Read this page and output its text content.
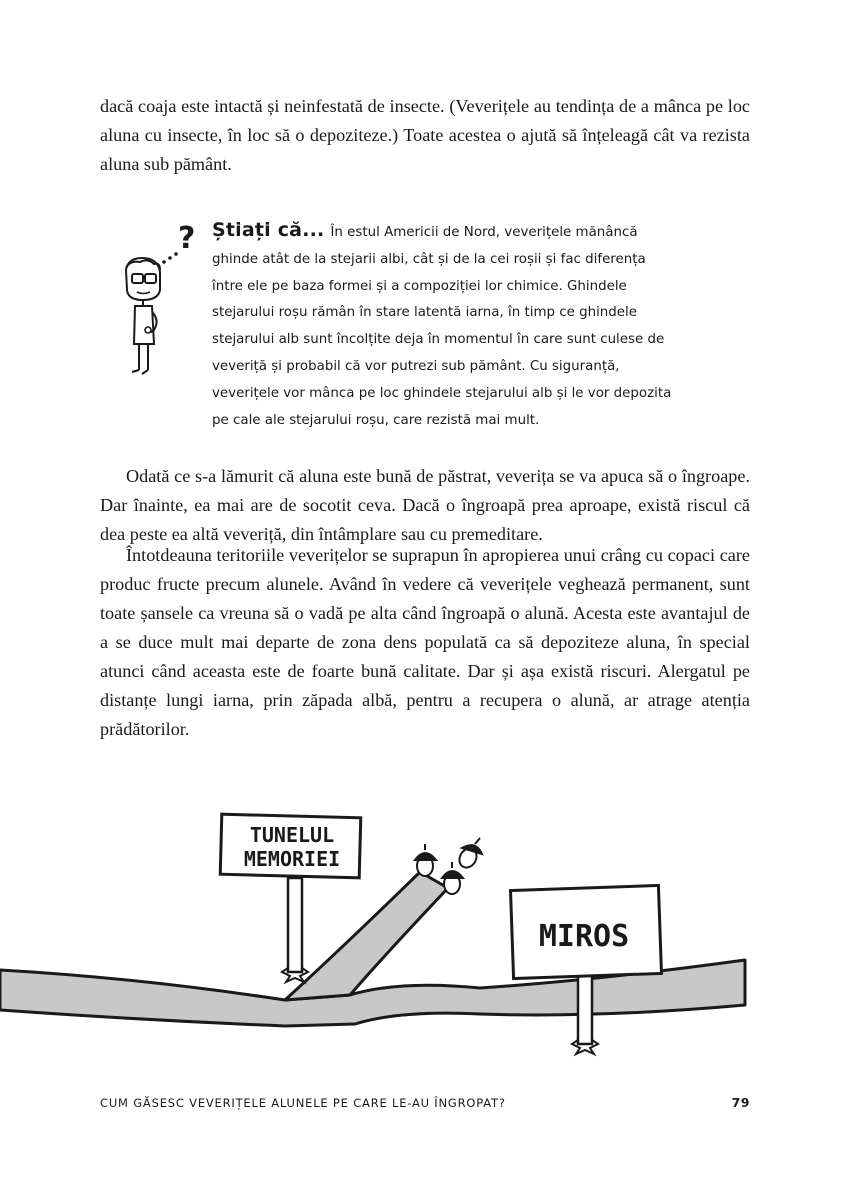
dacă coaja este intactă și neinfestată de insecte. (Veverițele au tendința de a mânca pe loc aluna cu insecte, în loc să o depoziteze.) Toate acestea o ajută să înțeleagă cât va rezista aluna sub pământ.

? Știați că... În estul Americii de Nord, veverițele mănâncă ghinde atât de la stejarii albi, cât și de la cei roșii și fac diferența între ele pe baza formei și a compoziției lor chimice. Ghindele stejarului roșu rămân în stare latentă iarna, în timp ce ghindele stejarului alb sunt încolțite deja în momentul în care sunt culese de veveriță și probabil că vor putrezi sub pământ. Cu siguranță, veverițele vor mânca pe loc ghindele stejarului alb și le vor depozita pe cale ale stejarului roșu, care rezistă mai mult.

Odată ce s-a lămurit că aluna este bună de păstrat, veverița se va apuca să o îngroape. Dar înainte, ea mai are de socotit ceva. Dacă o îngroapă prea aproape, există riscul că dea peste ea altă veveriță, din întâmplare sau cu premeditare.

Întotdeauna teritoriile veverițelor se suprapun în apropierea unui crâng cu copaci care produc fructe precum alunele. Având în vedere că veverițele veghează permanent, sunt toate șansele ca vreuna să o vadă pe alta când îngroapă o alună. Acesta este avantajul de a se duce mult mai departe de zona dens populată ca să depoziteze aluna, în special atunci când aceasta este de foarte bună calitate. Dar și așa există riscuri. Alergatul pe distanțe lungi iarna, prin zăpada albă, pentru a recupera o alună, ar atrage atenția prădătorilor.

TUNELUL
MEMORIEI
MIROS
CUM GĂSESC VEVERIȚELE ALUNELE PE CARE LE-AU ÎNGROPAT?	79
